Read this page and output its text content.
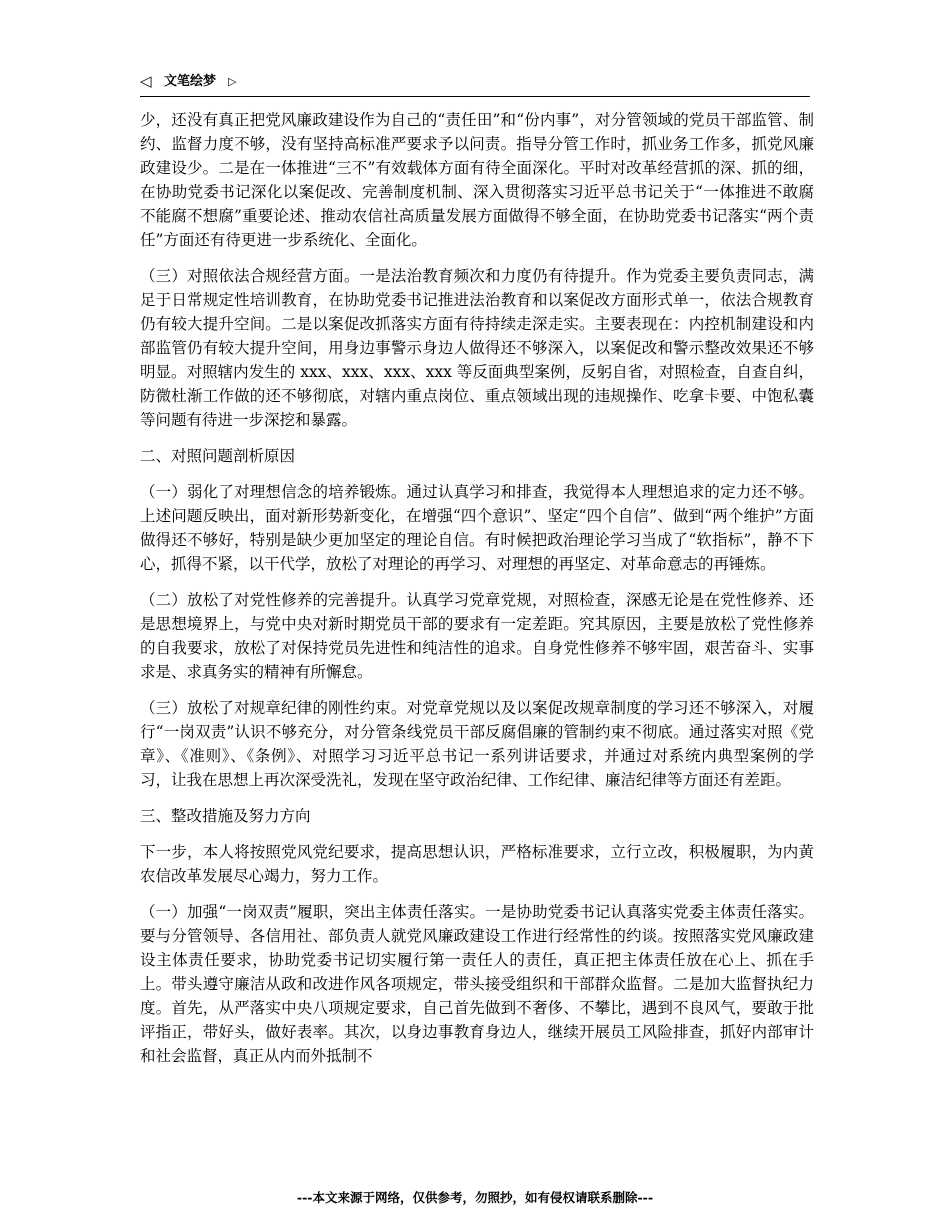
◁ 文笔绘梦 ▷

少，还没有真正把党风廉政建设作为自己的“责任田”和“份内事”，对分管领域的党员干部监管、制约、监督力度不够，没有坚持高标准严要求予以问责。指导分管工作时，抓业务工作多，抓党风廉政建设少。二是在一体推进“三不”有效载体方面有待全面深化。平时对改革经营抓的深、抓的细，在协助党委书记深化以案促改、完善制度机制、深入贯彻落实习近平总书记关于“一体推进不敢腐不能腐不想腐”重要论述、推动农信社高质量发展方面做得不够全面，在协助党委书记落实“两个责任”方面还有待更进一步系统化、全面化。

（三）对照依法合规经营方面。一是法治教育频次和力度仍有待提升。作为党委主要负责同志，满足于日常规定性培训教育，在协助党委书记推进法治教育和以案促改方面形式单一，依法合规教育仍有较大提升空间。二是以案促改抓落实方面有待持续走深走实。主要表现在：内控机制建设和内部监管仍有较大提升空间，用身边事警示身边人做得还不够深入，以案促改和警示整改效果还不够明显。对照辖内发生的 xxx、xxx、xxx、xxx 等反面典型案例，反躬自省，对照检查，自查自纠，防微杜渐工作做的还不够彻底，对辖内重点岗位、重点领域出现的违规操作、吃拿卡要、中饱私囊等问题有待进一步深挖和暴露。

二、对照问题剖析原因

（一）弱化了对理想信念的培养锻炼。通过认真学习和排查，我觉得本人理想追求的定力还不够。上述问题反映出，面对新形势新变化，在增强“四个意识”、坚定“四个自信”、做到“两个维护”方面做得还不够好，特别是缺少更加坚定的理论自信。有时候把政治理论学习当成了“软指标”，静不下心，抓得不紧，以干代学，放松了对理论的再学习、对理想的再坚定、对革命意志的再锤炼。

（二）放松了对党性修养的完善提升。认真学习党章党规，对照检查，深感无论是在党性修养、还是思想境界上，与党中央对新时期党员干部的要求有一定差距。究其原因，主要是放松了党性修养的自我要求，放松了对保持党员先进性和纯洁性的追求。自身党性修养不够牢固，艰苦奋斗、实事求是、求真务实的精神有所懈怠。

（三）放松了对规章纪律的刚性约束。对党章党规以及以案促改规章制度的学习还不够深入，对履行“一岗双责”认识不够充分，对分管条线党员干部反腐倡廉的管制约束不彻底。通过落实对照《党章》、《准则》、《条例》、对照学习习近平总书记一系列讲话要求，并通过对系统内典型案例的学习，让我在思想上再次深受洗礼，发现在坚守政治纪律、工作纪律、廉洁纪律等方面还有差距。

三、整改措施及努力方向

下一步，本人将按照党风党纪要求，提高思想认识，严格标准要求，立行立改，积极履职，为内黄农信改革发展尽心竭力，努力工作。

（一）加强“一岗双责”履职，突出主体责任落实。一是协助党委书记认真落实党委主体责任落实。要与分管领导、各信用社、部负责人就党风廉政建设工作进行经常性的约谈。按照落实党风廉政建设主体责任要求，协助党委书记切实履行第一责任人的责任，真正把主体责任放在心上、抓在手上。带头遵守廉洁从政和改进作风各项规定，带头接受组织和干部群众监督。二是加大监督执纪力度。首先，从严落实中央八项规定要求，自己首先做到不奢侈、不攀比，遇到不良风气，要敢于批评指正，带好头，做好表率。其次，以身边事教育身边人，继续开展员工风险排查，抓好内部审计和社会监督，真正从内而外抵制不

---本文来源于网络，仅供参考，勿照抄，如有侵权请联系删除---
